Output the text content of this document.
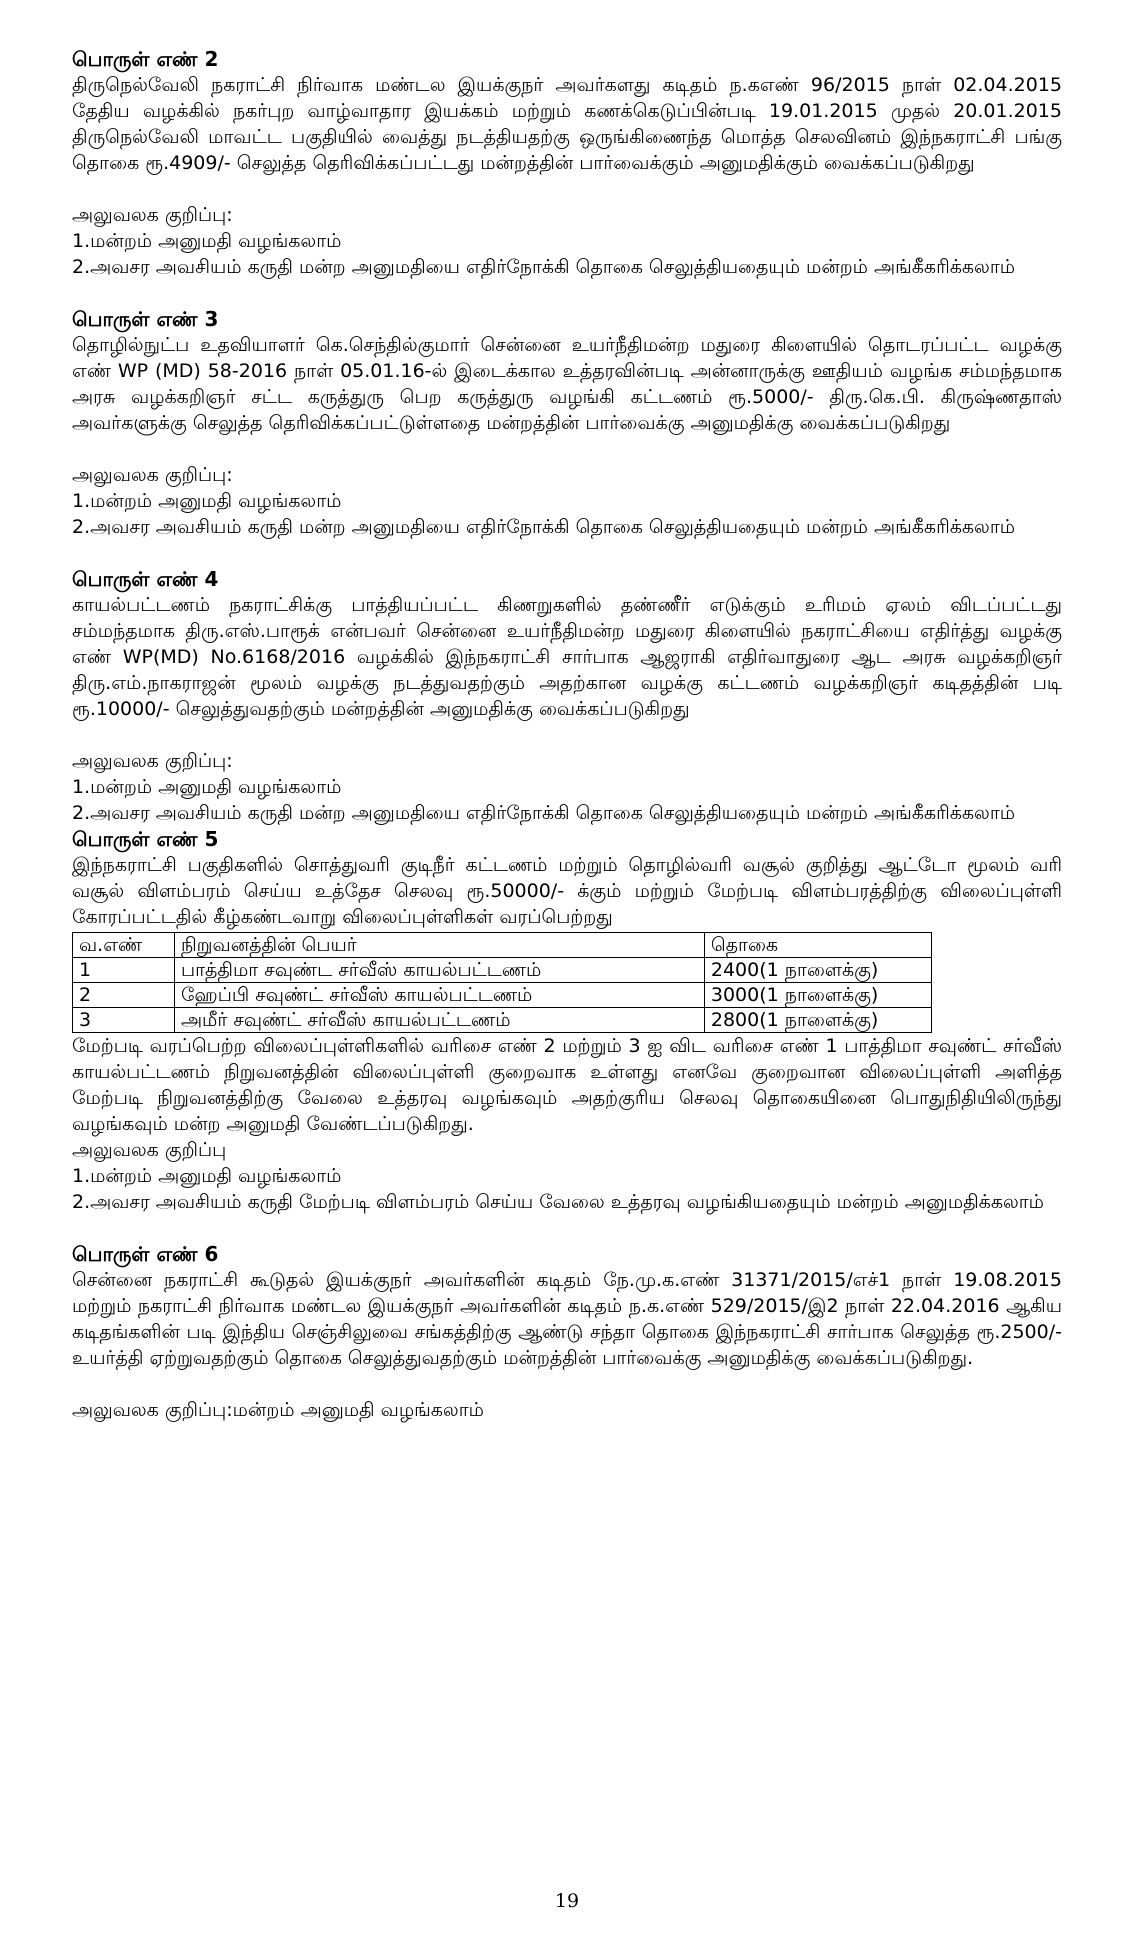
பொருள் எண் 2

திருநெல்வேலி நகராட்சி நிர்வாக மண்டல இயக்குநர் அவர்களது கடிதம் ந.கஎண் 96/2015 நாள் 02.04.2015 தேதிய வழக்கில் நகர்புற வாழ்வாதார இயக்கம் மற்றும் கணக்கெடுப்பின்படி 19.01.2015 முதல் 20.01.2015 திருநெல்வேலி மாவட்ட பகுதியில் வைத்து நடத்தியதற்கு ஒருங்கிணைந்த மொத்த செலவினம் இந்நகராட்சி பங்கு தொகை ரூ.4909/- செலுத்த தெரிவிக்கப்பட்டது மன்றத்தின் பார்வைக்கும் அனுமதிக்கும் வைக்கப்படுகிறது

அலுவலக குறிப்பு:

1.மன்றம் அனுமதி வழங்கலாம்

2.அவசர அவசியம் கருதி மன்ற அனுமதியை எதிர்நோக்கி தொகை செலுத்தியதையும் மன்றம் அங்கீகரிக்கலாம்

பொருள் எண் 3

தொழில்நுட்ப உதவியாளர் கெ.செந்தில்குமார் சென்னை உயர்நீதிமன்ற மதுரை கிளையில் தொடரப்பட்ட வழக்கு எண் WP (MD) 58-2016 நாள் 05.01.16-ல் இடைக்கால உத்தரவின்படி அன்னாருக்கு ஊதியம் வழங்க சம்மந்தமாக அரசு வழக்கறிஞர் சட்ட கருத்துரு பெற கருத்துரு வழங்கி கட்டணம் ரூ.5000/- திரு.கெ.பி. கிருஷ்ணதாஸ் அவர்களுக்கு செலுத்த தெரிவிக்கப்பட்டுள்ளதை மன்றத்தின் பார்வைக்கு அனுமதிக்கு வைக்கப்படுகிறது

அலுவலக குறிப்பு:

1.மன்றம் அனுமதி வழங்கலாம்

2.அவசர அவசியம் கருதி மன்ற அனுமதியை எதிர்நோக்கி தொகை செலுத்தியதையும் மன்றம் அங்கீகரிக்கலாம்

பொருள் எண் 4

காயல்பட்டணம் நகராட்சிக்கு பாத்தியப்பட்ட கிணறுகளில் தண்ணீர் எடுக்கும் உரிமம் ஏலம் விடப்பட்டது சம்மந்தமாக திரு.எஸ்.பாரூக் என்பவர் சென்னை உயர்நீதிமன்ற மதுரை கிளையில் நகராட்சியை எதிர்த்து வழக்கு எண் WP(MD) No.6168/2016 வழக்கில் இந்நகராட்சி சார்பாக ஆஜராகி எதிர்வாதுரை ஆட அரசு வழக்கறிஞர் திரு.எம்.நாகராஜன் மூலம் வழக்கு நடத்துவதற்கும் அதற்கான வழக்கு கட்டணம் வழக்கறிஞர் கடிதத்தின் படி ரூ.10000/- செலுத்துவதற்கும் மன்றத்தின் அனுமதிக்கு வைக்கப்படுகிறது

அலுவலக குறிப்பு:

1.மன்றம் அனுமதி வழங்கலாம்

2.அவசர அவசியம் கருதி மன்ற அனுமதியை எதிர்நோக்கி தொகை செலுத்தியதையும் மன்றம் அங்கீகரிக்கலாம்

பொருள் எண் 5

இந்நகராட்சி பகுதிகளில் சொத்துவரி குடிநீர் கட்டணம் மற்றும் தொழில்வரி வசூல் குறித்து ஆட்டோ மூலம் வரி வசூல் விளம்பரம் செய்ய உத்தேச செலவு ரூ.50000/- க்கும் மற்றும் மேற்படி விளம்பரத்திற்கு விலைப்புள்ளி கோரப்பட்டதில் கீழ்கண்டவாறு விலைப்புள்ளிகள் வரப்பெற்றது

வ.எண்	நிறுவனத்தின் பெயர்	தொகை
1	பாத்திமா சவுண்ட சர்வீஸ் காயல்பட்டணம்	2400(1 நாளைக்கு)
2	ஹேப்பி சவுண்ட் சர்வீஸ் காயல்பட்டணம்	3000(1 நாளைக்கு)
3	அமீர் சவுண்ட் சர்வீஸ் காயல்பட்டணம்	2800(1 நாளைக்கு)

மேற்படி வரப்பெற்ற விலைப்புள்ளிகளில் வரிசை எண் 2 மற்றும் 3 ஐ விட வரிசை எண் 1 பாத்திமா சவுண்ட் சர்வீஸ் காயல்பட்டணம் நிறுவனத்தின் விலைப்புள்ளி குறைவாக உள்ளது எனவே குறைவான விலைப்புள்ளி அளித்த மேற்படி நிறுவனத்திற்கு வேலை உத்தரவு வழங்கவும் அதற்குரிய செலவு தொகையினை பொதுநிதியிலிருந்து வழங்கவும் மன்ற அனுமதி வேண்டப்படுகிறது.

அலுவலக குறிப்பு

1.மன்றம் அனுமதி வழங்கலாம்

2.அவசர அவசியம் கருதி மேற்படி விளம்பரம் செய்ய வேலை உத்தரவு வழங்கியதையும் மன்றம் அனுமதிக்கலாம்

பொருள் எண் 6

சென்னை நகராட்சி கூடுதல் இயக்குநர் அவர்களின் கடிதம் நே.மு.க.எண் 31371/2015/எச்1 நாள் 19.08.2015 மற்றும் நகராட்சி நிர்வாக மண்டல இயக்குநர் அவர்களின் கடிதம் ந.க.எண் 529/2015/இ2 நாள் 22.04.2016 ஆகிய கடிதங்களின் படி இந்திய செஞ்சிலுவை சங்கத்திற்கு ஆண்டு சந்தா தொகை இந்நகராட்சி சார்பாக செலுத்த ரூ.2500/- உயர்த்தி ஏற்றுவதற்கும் தொகை செலுத்துவதற்கும் மன்றத்தின் பார்வைக்கு அனுமதிக்கு வைக்கப்படுகிறது.

அலுவலக குறிப்பு:மன்றம் அனுமதி வழங்கலாம்

19
